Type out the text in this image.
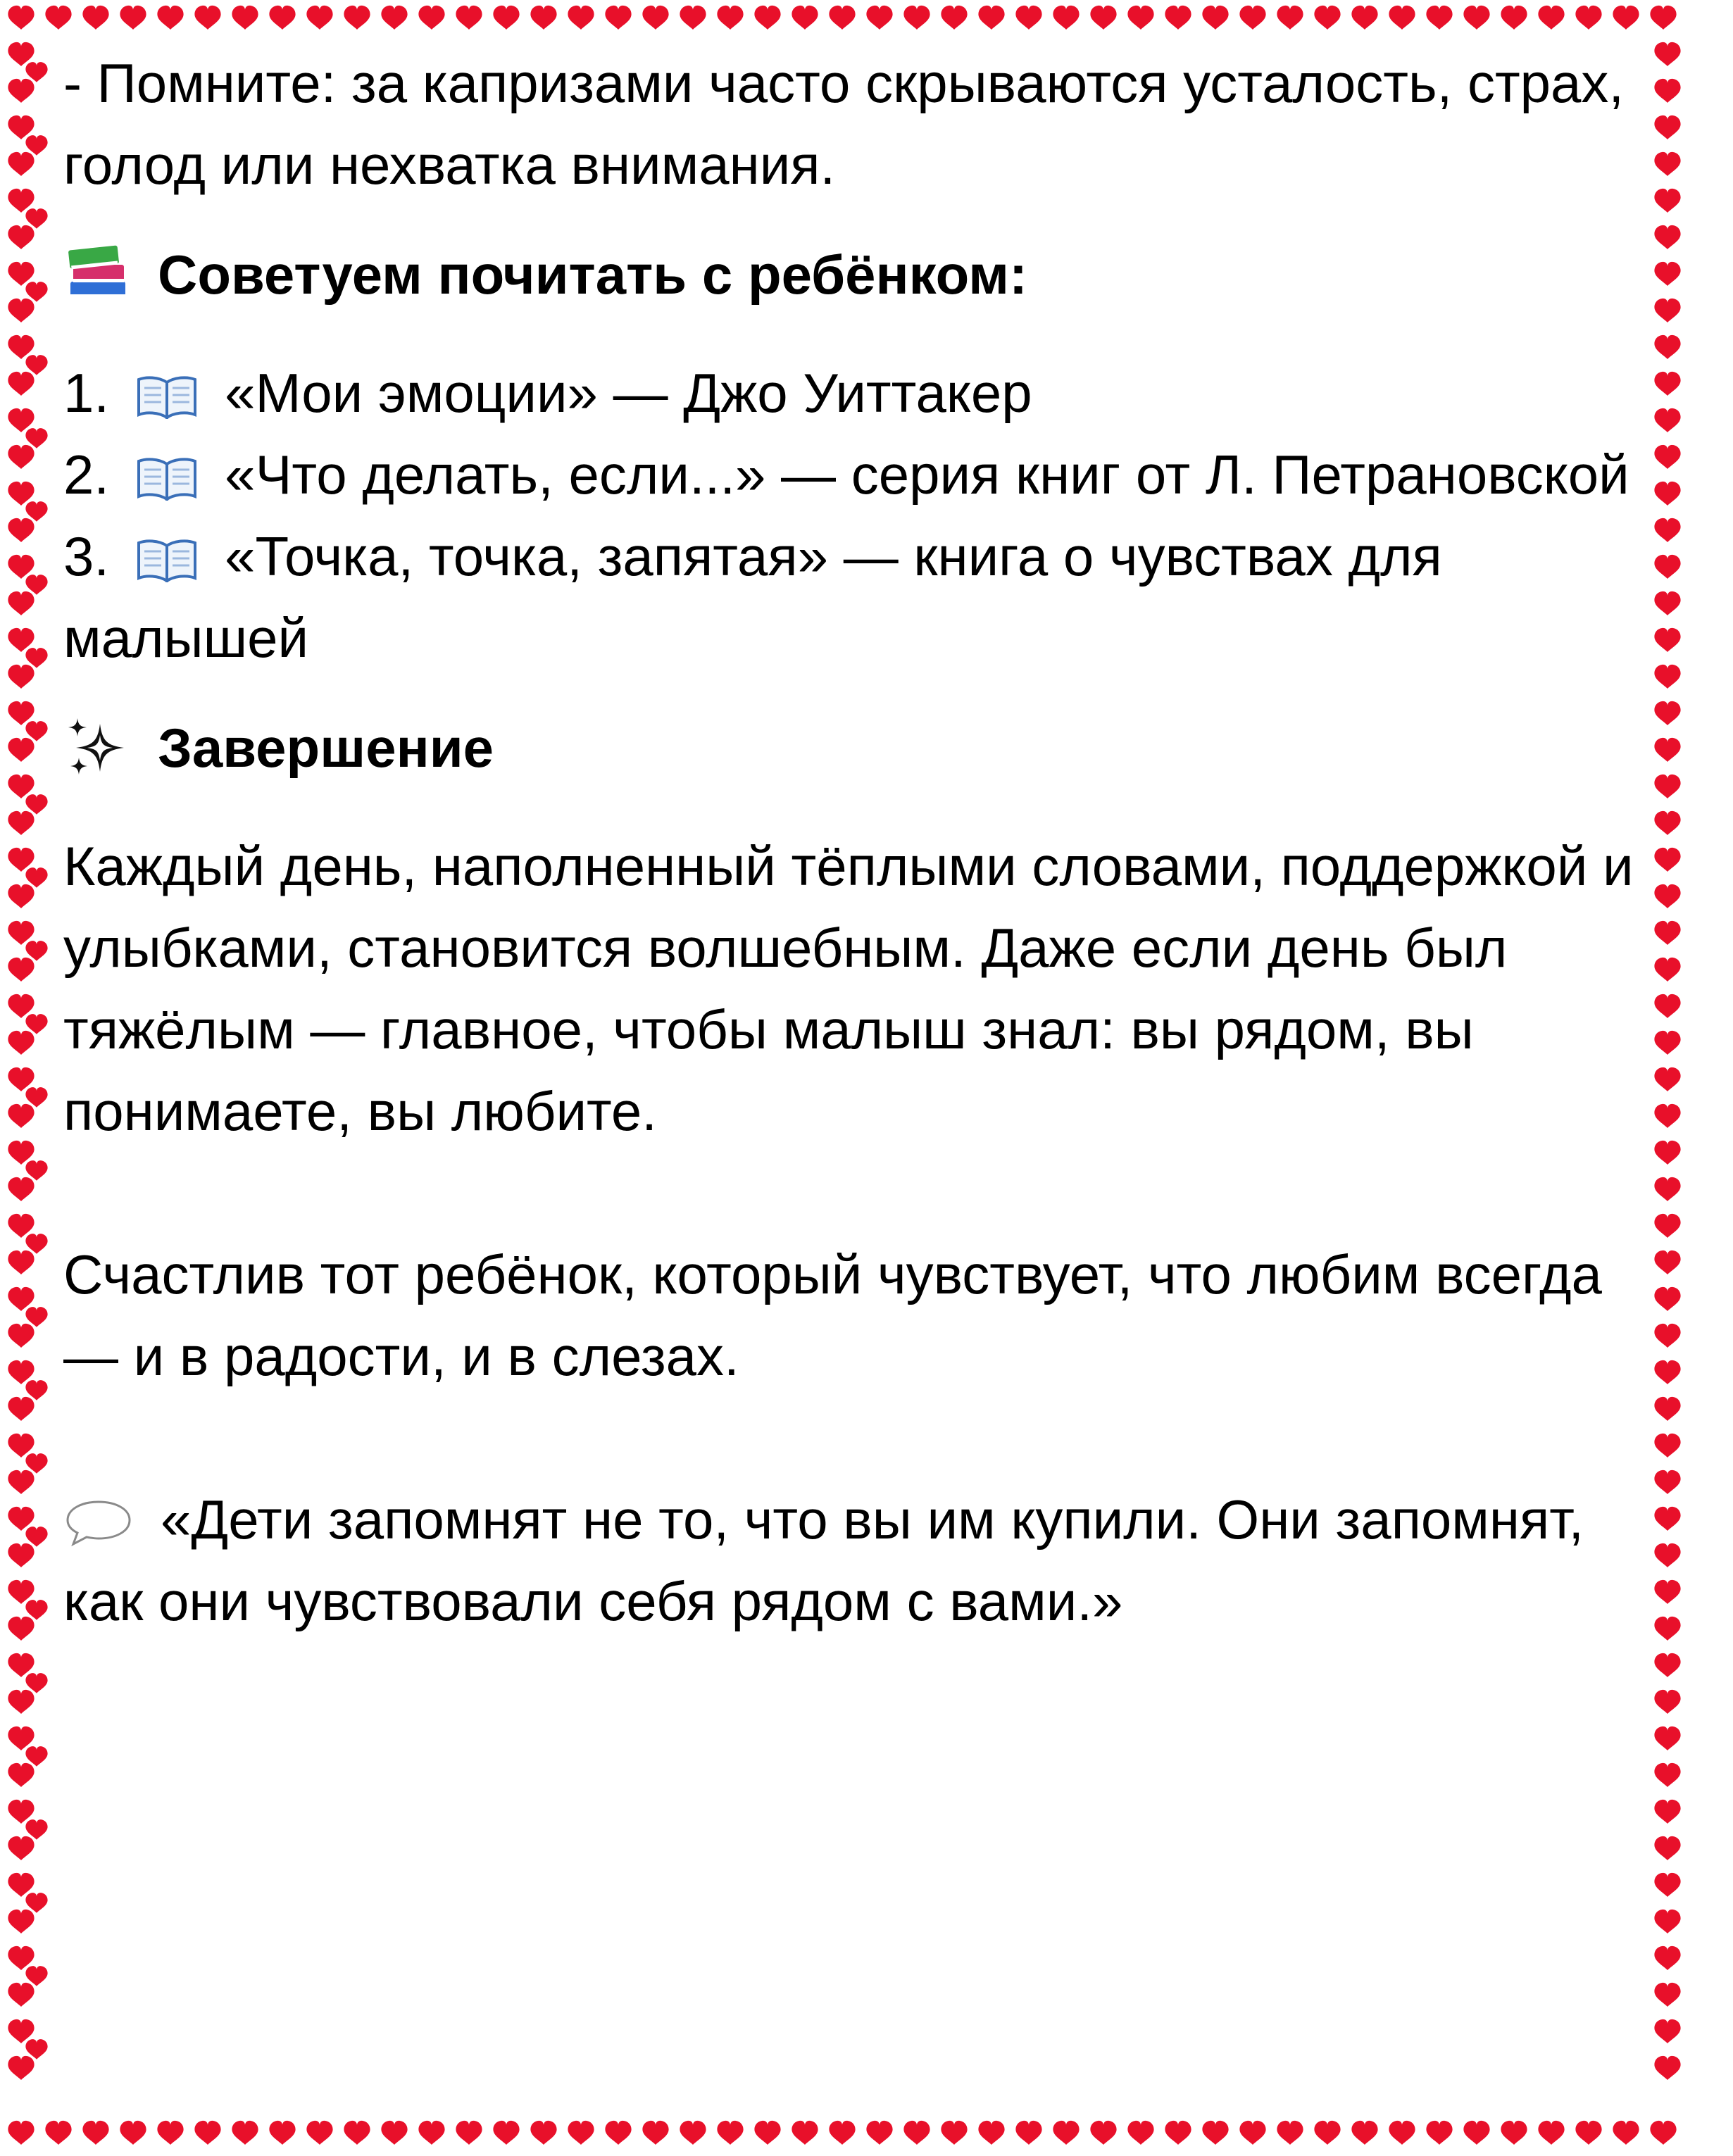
- Помните: за капризами часто скрываются усталость, страх, голод или нехватка внимания.

Советуем почитать с ребёнком:

1. «Мои эмоции» — Джо Уиттакер

2. «Что делать, если...» — серия книг от Л. Петрановской

3. «Точка, точка, запятая» — книга о чувствах для малышей

Завершение

Каждый день, наполненный тёплыми словами, поддержкой и улыбками, становится волшебным. Даже если день был тяжёлым — главное, чтобы малыш знал: вы рядом, вы понимаете, вы любите.

Счастлив тот ребёнок, который чувствует, что любим всегда — и в радости, и в слезах.

«Дети запомнят не то, что вы им купили. Они запомнят, как они чувствовали себя рядом с вами.»
